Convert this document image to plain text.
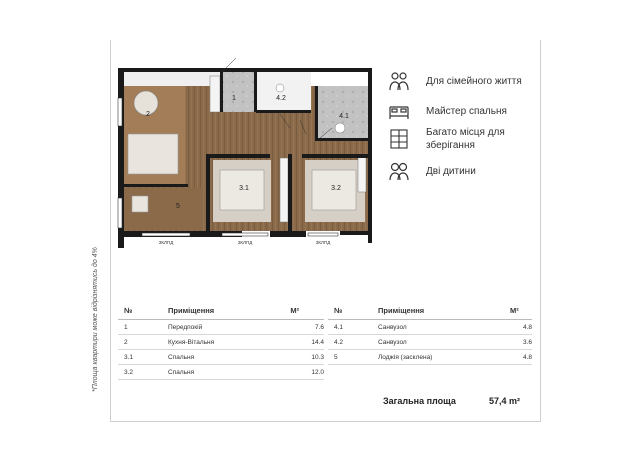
*Площа квартири може відрізнятись до 4%
1	4.2
4.1
2
3.1	3.2
5
ЗКЛПД	ЗКЛПД	ЗКЛПД
Для сімейного життя
Майстер спальня
Багато місця для зберігання
Дві дитини
№	Приміщення	М²
1	Передпокій	7.6
2	Кухня-Вітальня	14.4
3.1	Спальня	10.3
3.2	Спальня	12.0
№	Приміщення	М²
4.1	Санвузол	4.8
4.2	Санвузол	3.6
5	Лоджія (засклена)	4.8
Загальна площа	57,4 m²
